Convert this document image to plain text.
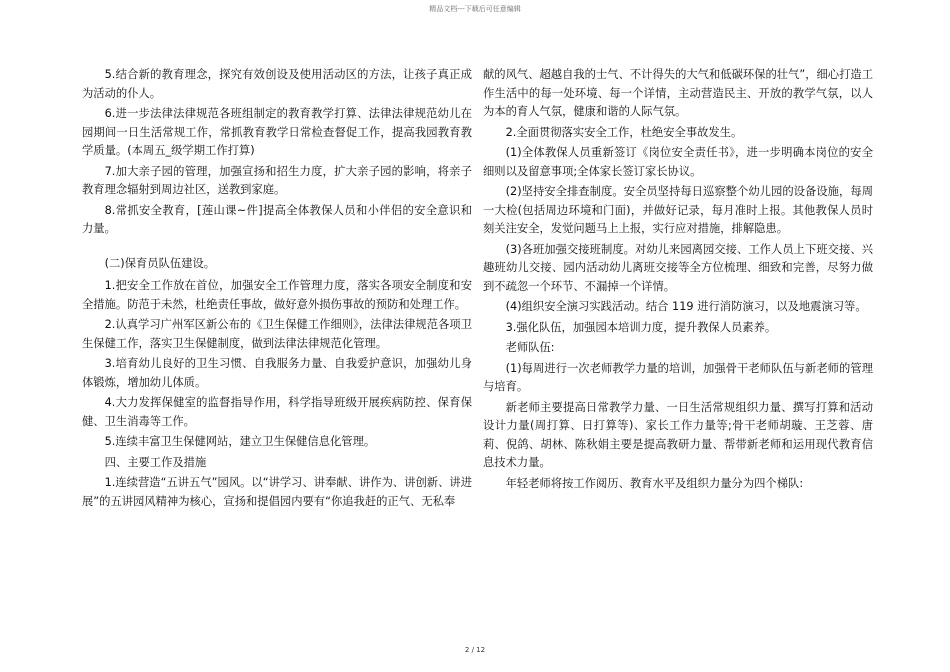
精品文档---下载后可任意编辑

5.结合新的教育理念，探究有效创设及使用活动区的方法，让孩子真正成为活动的仆人。

6.进一步法律法律规范各班组制定的教育教学打算、法律法律规范幼儿在园期间一日生活常规工作，常抓教育教学日常检查督促工作，提高我园教育教学质量。(本周五_级学期工作打算)

7.加大亲子园的管理，加强宣扬和招生力度，扩大亲子园的影响，将亲子教育理念辐射到周边社区，送教到家庭。

8.常抓安全教育，[莲山课~件]提高全体教保人员和小伴侣的安全意识和力量。

(二)保育员队伍建设。

1.把安全工作放在首位，加强安全工作管理力度，落实各项安全制度和安全措施。防范于未然，杜绝责任事故，做好意外损伤事故的预防和处理工作。

2.认真学习广州军区新公布的《卫生保健工作细则》，法律法律规范各项卫生保健工作，落实卫生保健制度，做到法律法律规范化管理。

3.培育幼儿良好的卫生习惯、自我服务力量、自我爱护意识，加强幼儿身体锻炼，增加幼儿体质。

4.大力发挥保健室的监督指导作用，科学指导班级开展疾病防控、保育保健、卫生消毒等工作。

5.连续丰富卫生保健网站，建立卫生保健信息化管理。

四、主要工作及措施

1.连续营造“五讲五气”园风。以“讲学习、讲奉献、讲作为、讲创新、讲进展”的五讲园风精神为核心，宣扬和提倡园内要有“你追我赶的正气、无私奉

献的风气、超越自我的士气、不计得失的大气和低碳环保的壮气”，细心打造工作生活中的每一处环境、每一个详情，主动营造民主、开放的教学气氛，以人为本的育人气氛，健康和谐的人际气氛。

2.全面贯彻落实安全工作，杜绝安全事故发生。

(1)全体教保人员重新签订《岗位安全责任书》，进一步明确本岗位的安全细则以及留意事项;全体家长签订家长协议。

(2)坚持安全排查制度。安全员坚持每日巡察整个幼儿园的设备设施，每周一大检(包括周边环境和门面)，并做好记录，每月准时上报。其他教保人员时刻关注安全，发觉问题马上上报，实行应对措施，排解隐患。

(3)各班加强交接班制度。对幼儿来园离园交接、工作人员上下班交接、兴趣班幼儿交接、园内活动幼儿离班交接等全方位梳理、细致和完善，尽努力做到不疏忽一个环节、不漏掉一个详情。

(4)组织安全演习实践活动。结合 119 进行消防演习，以及地震演习等。

3.强化队伍，加强园本培训力度，提升教保人员素养。

老师队伍:

(1)每周进行一次老师教学力量的培训，加强骨干老师队伍与新老师的管理与培育。

新老师主要提高日常教学力量、一日生活常规组织力量、撰写打算和活动设计力量(周打算、日打算等)、家长工作力量等;骨干老师胡璇、王芝蓉、唐莉、倪鸽、胡林、陈秋娟主要是提高教研力量、帮带新老师和运用现代教育信息技术力量。

年轻老师将按工作阅历、教育水平及组织力量分为四个梯队:

2 / 12
